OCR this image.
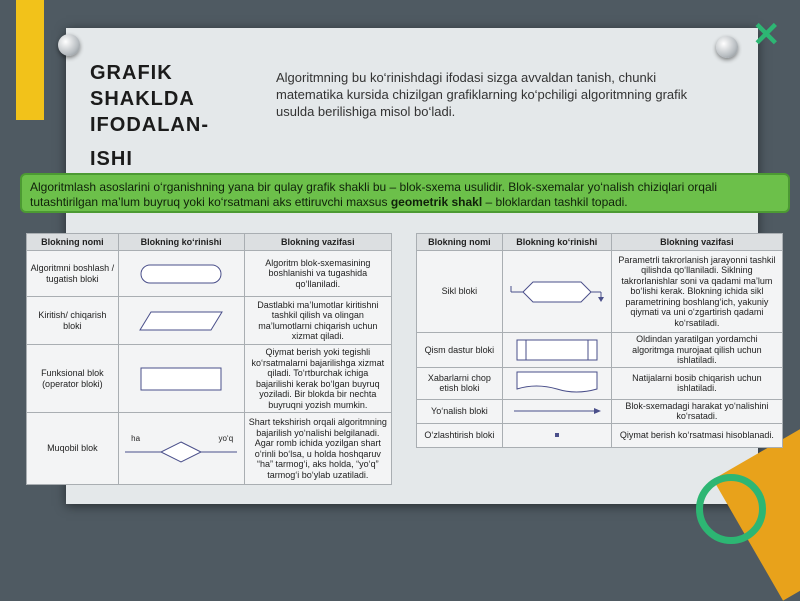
✕
GRAFIK
SHAKLDA
IFODALAN-
ISHI
Algoritmning bu ko‘rinishdagi ifodasi sizga avvaldan tanish, chunki matematika kursida chizilgan grafiklarning ko‘pchiligi algoritmning grafik usulda berilishiga misol bo‘ladi.
Algoritmlash asoslarini o‘rganishning yana bir qulay grafik shakli bu – blok-sxema usulidir. Blok-sxemalar yo‘nalish chiziqlari orqali tutashtirilgan ma’lum buyruq yoki ko‘rsatmani aks ettiruvchi maxsus geometrik shakl – bloklardan tashkil topadi.
Blokning nomi	Blokning ko‘rinishi	Blokning vazifasi
Algoritmni boshlash / tugatish bloki		Algoritm blok-sxemasining boshlanishi va tugashida qo‘llaniladi.
Kiritish/ chiqarish bloki		Dastlabki ma’lumotlar kiritishni tashkil qilish va olingan ma’lumotlarni chiqarish uchun xizmat qiladi.
Funksional blok (operator bloki)		Qiymat berish yoki tegishli ko‘rsatmalarni bajarilishga xizmat qiladi. To‘rtburchak ichiga bajarilishi kerak bo‘lgan buyruq yoziladi. Bir blokda bir nechta buyruqni yozish mumkin.
Muqobil blok	ha yo‘q	Shart tekshirish orqali algoritmning bajarilish yo‘nalishi belgilanadi. Agar romb ichida yozilgan shart o‘rinli bo‘lsa, u holda hoshqaruv “ha” tarmog‘i, aks holda, “yo‘q” tarmog‘i bo‘ylab uzatiladi.
Blokning nomi	Blokning ko‘rinishi	Blokning vazifasi
Sikl bloki		Parametrli takrorlanish jarayonni tashkil qilishda qo‘llaniladi. Siklning takrorlanishlar soni va qadami ma’lum bo‘lishi kerak. Blokning ichida sikl parametrining boshlang‘ich, yakuniy qiymati va uni o‘zgartirish qadami ko‘rsatiladi.
Qism dastur bloki		Oldindan yaratilgan yordamchi algoritmga murojaat qilish uchun ishlatiladi.
Xabarlarni chop etish bloki		Natijalarni bosib chiqarish uchun ishlatiladi.
Yo‘nalish bloki		Blok-sxemadagi harakat yo‘nalishini ko‘rsatadi.
O‘zlashtirish bloki		Qiymat berish ko‘rsatmasi hisoblanadi.
